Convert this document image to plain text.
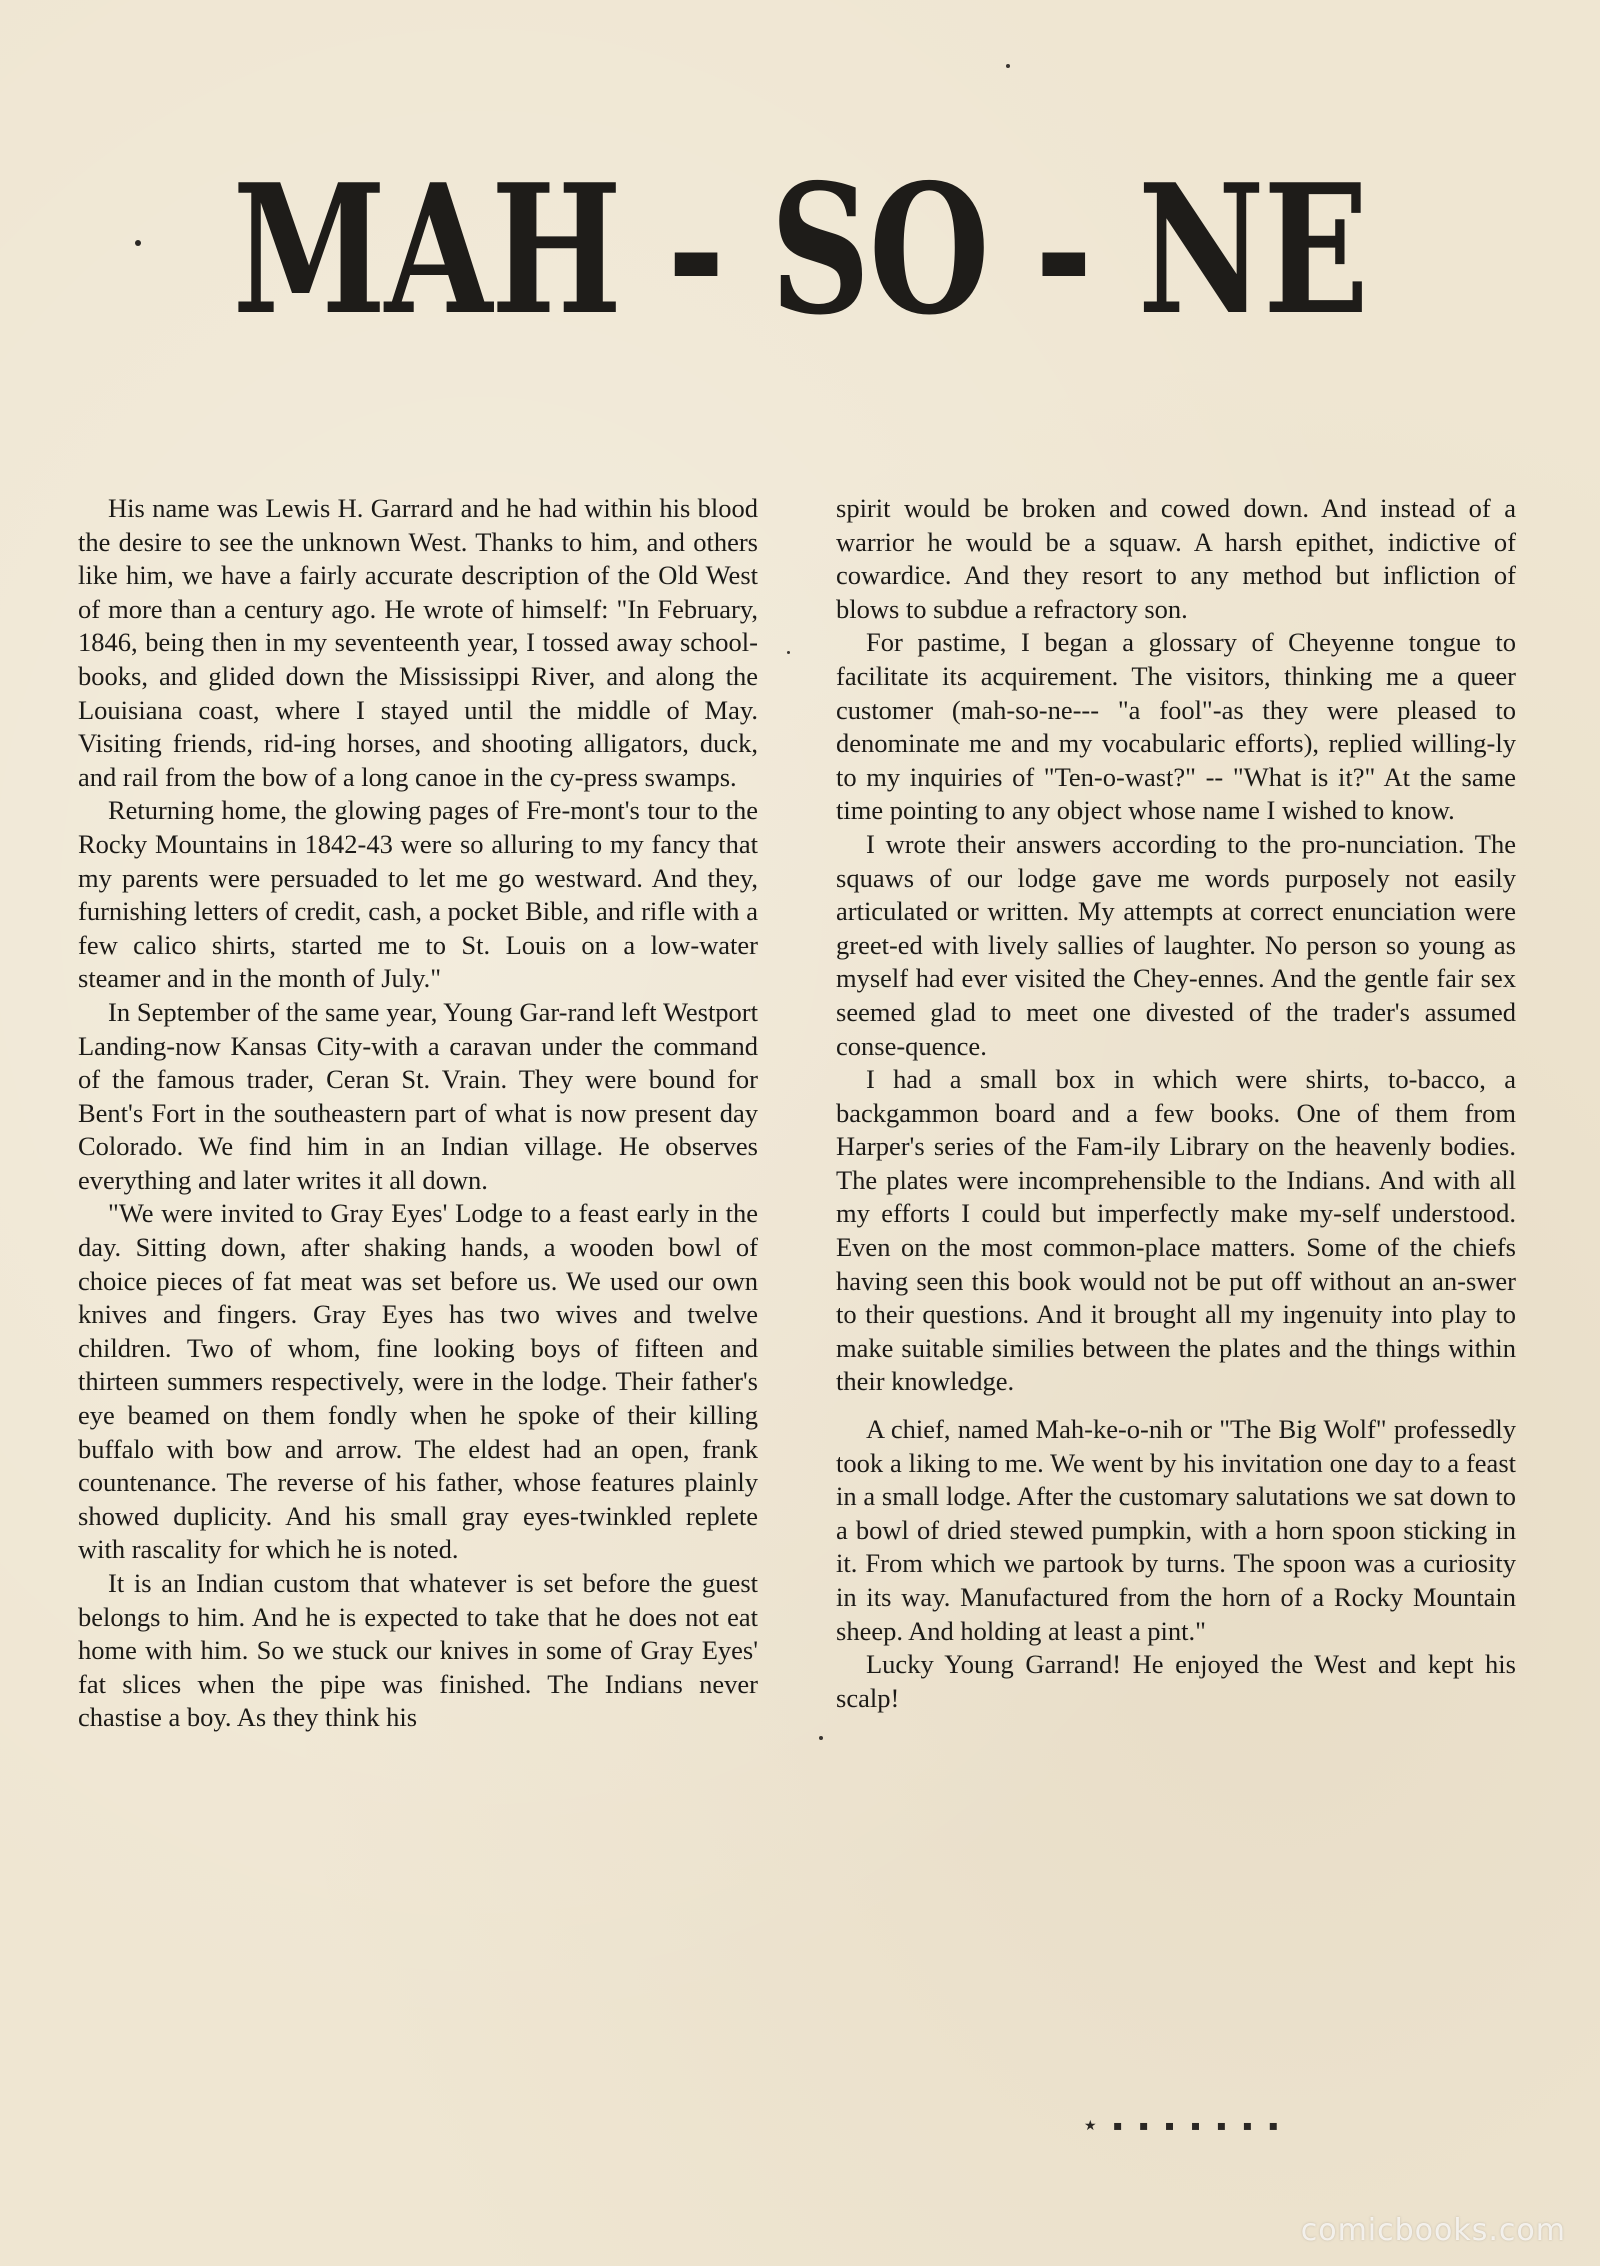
MAH - SO - NE

His name was Lewis H. Garrard and he had within his blood the desire to see the unknown West. Thanks to him, and others like him, we have a fairly accurate description of the Old West of more than a century ago. He wrote of himself: "In February, 1846, being then in my seventeenth year, I tossed away school-books, and glided down the Mississippi River, and along the Louisiana coast, where I stayed until the middle of May. Visiting friends, rid-ing horses, and shooting alligators, duck, and rail from the bow of a long canoe in the cy-press swamps.

Returning home, the glowing pages of Fre-mont's tour to the Rocky Mountains in 1842-43 were so alluring to my fancy that my parents were persuaded to let me go westward. And they, furnishing letters of credit, cash, a pocket Bible, and rifle with a few calico shirts, started me to St. Louis on a low-water steamer and in the month of July."

In September of the same year, Young Gar-rand left Westport Landing-now Kansas City-with a caravan under the command of the famous trader, Ceran St. Vrain. They were bound for Bent's Fort in the southeastern part of what is now present day Colorado. We find him in an Indian village. He observes everything and later writes it all down.

"We were invited to Gray Eyes' Lodge to a feast early in the day. Sitting down, after shaking hands, a wooden bowl of choice pieces of fat meat was set before us. We used our own knives and fingers. Gray Eyes has two wives and twelve children. Two of whom, fine looking boys of fifteen and thirteen summers respectively, were in the lodge. Their father's eye beamed on them fondly when he spoke of their killing buffalo with bow and arrow. The eldest had an open, frank countenance. The reverse of his father, whose features plainly showed duplicity. And his small gray eyes-twinkled replete with rascality for which he is noted.

It is an Indian custom that whatever is set before the guest belongs to him. And he is expected to take that he does not eat home with him. So we stuck our knives in some of Gray Eyes' fat slices when the pipe was finished. The Indians never chastise a boy. As they think his

spirit would be broken and cowed down. And instead of a warrior he would be a squaw. A harsh epithet, indictive of cowardice. And they resort to any method but infliction of blows to subdue a refractory son.

For pastime, I began a glossary of Cheyenne tongue to facilitate its acquirement. The visitors, thinking me a queer customer (mah-so-ne--- "a fool"-as they were pleased to denominate me and my vocabularic efforts), replied willing-ly to my inquiries of "Ten-o-wast?" -- "What is it?" At the same time pointing to any object whose name I wished to know.

I wrote their answers according to the pro-nunciation. The squaws of our lodge gave me words purposely not easily articulated or written. My attempts at correct enunciation were greet-ed with lively sallies of laughter. No person so young as myself had ever visited the Chey-ennes. And the gentle fair sex seemed glad to meet one divested of the trader's assumed conse-quence.

I had a small box in which were shirts, to-bacco, a backgammon board and a few books. One of them from Harper's series of the Fam-ily Library on the heavenly bodies. The plates were incomprehensible to the Indians. And with all my efforts I could but imperfectly make my-self understood. Even on the most common-place matters. Some of the chiefs having seen this book would not be put off without an an-swer to their questions. And it brought all my ingenuity into play to make suitable similies between the plates and the things within their knowledge.

A chief, named Mah-ke-o-nih or "The Big Wolf" professedly took a liking to me. We went by his invitation one day to a feast in a small lodge. After the customary salutations we sat down to a bowl of dried stewed pumpkin, with a horn spoon sticking in it. From which we partook by turns. The spoon was a curiosity in its way. Manufactured from the horn of a Rocky Mountain sheep. And holding at least a pint."

Lucky Young Garrand! He enjoyed the West and kept his scalp!

★ ▪ ▪ ▪ ▪ ▪ ▪ ▪
comicbooks.com
